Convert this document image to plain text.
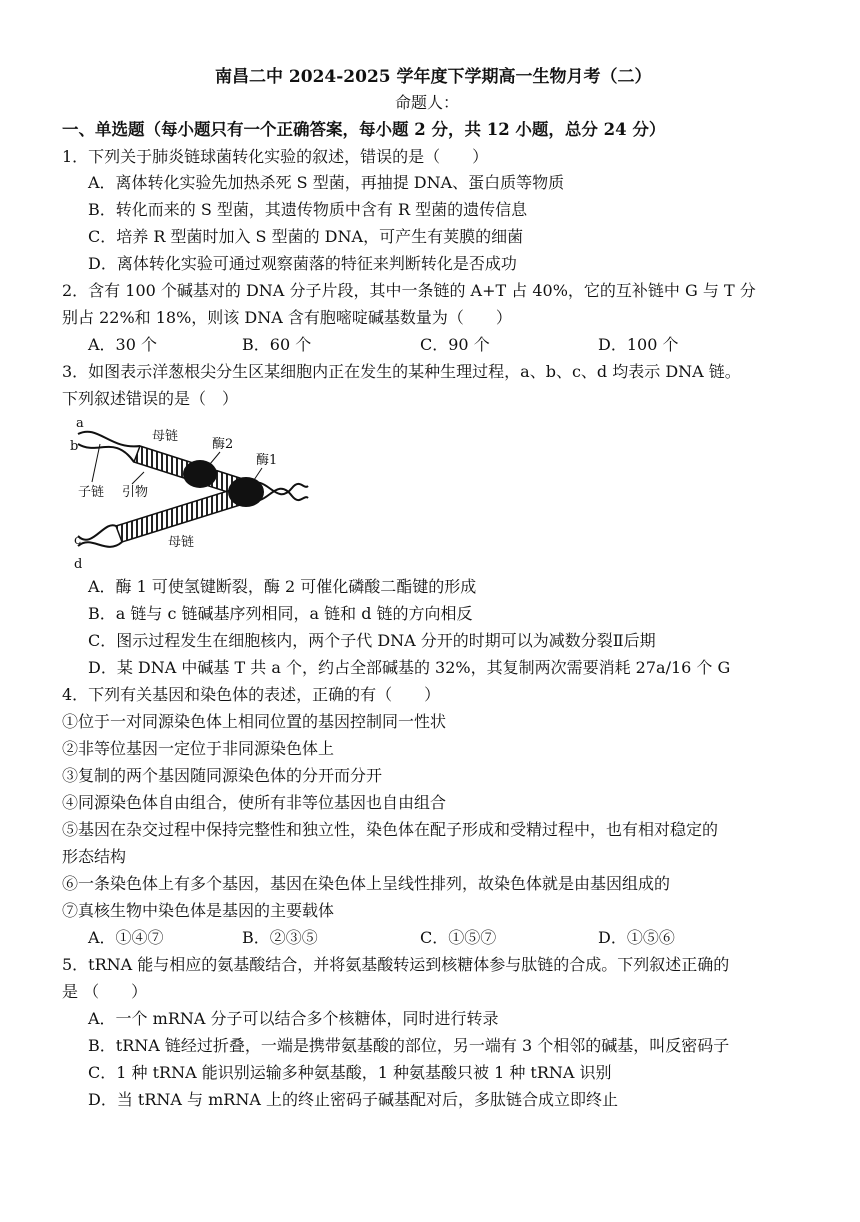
南昌二中 2024-2025 学年度下学期高一生物月考（二）
命题人：
一、单选题（每小题只有一个正确答案，每小题 2 分，共 12 小题，总分 24 分）
1．下列关于肺炎链球菌转化实验的叙述，错误的是（　　）
A．离体转化实验先加热杀死 S 型菌，再抽提 DNA、蛋白质等物质
B．转化而来的 S 型菌，其遗传物质中含有 R 型菌的遗传信息
C．培养 R 型菌时加入 S 型菌的 DNA，可产生有荚膜的细菌
D．离体转化实验可通过观察菌落的特征来判断转化是否成功
2．含有 100 个碱基对的 DNA 分子片段，其中一条链的 A+T 占 40%，它的互补链中 G 与 T 分
别占 22%和 18%，则该 DNA 含有胞嘧啶碱基数量为（　　）
A．30 个	B．60 个	C．90 个	D．100 个
3．如图表示洋葱根尖分生区某细胞内正在发生的某种生理过程，a、b、c、d 均表示 DNA 链。
下列叙述错误的是（　）
a
b
母链
酶2
酶1
子链 引物
c
d
母链
A．酶 1 可使氢键断裂，酶 2 可催化磷酸二酯键的形成
B．a 链与 c 链碱基序列相同，a 链和 d 链的方向相反
C．图示过程发生在细胞核内，两个子代 DNA 分开的时期可以为减数分裂Ⅱ后期
D．某 DNA 中碱基 T 共 a 个，约占全部碱基的 32%，其复制两次需要消耗 27a/16 个 G
4．下列有关基因和染色体的表述，正确的有（　　）
①位于一对同源染色体上相同位置的基因控制同一性状
②非等位基因一定位于非同源染色体上
③复制的两个基因随同源染色体的分开而分开
④同源染色体自由组合，使所有非等位基因也自由组合
⑤基因在杂交过程中保持完整性和独立性，染色体在配子形成和受精过程中，也有相对稳定的
形态结构
⑥一条染色体上有多个基因，基因在染色体上呈线性排列，故染色体就是由基因组成的
⑦真核生物中染色体是基因的主要载体
A．①④⑦	B．②③⑤	C．①⑤⑦	D．①⑤⑥
5．tRNA 能与相应的氨基酸结合，并将氨基酸转运到核糖体参与肽链的合成。下列叙述正确的
是 （　　）
A．一个 mRNA 分子可以结合多个核糖体，同时进行转录
B．tRNA 链经过折叠，一端是携带氨基酸的部位，另一端有 3 个相邻的碱基，叫反密码子
C．1 种 tRNA 能识别运输多种氨基酸，1 种氨基酸只被 1 种 tRNA 识别
D．当 tRNA 与 mRNA 上的终止密码子碱基配对后，多肽链合成立即终止
